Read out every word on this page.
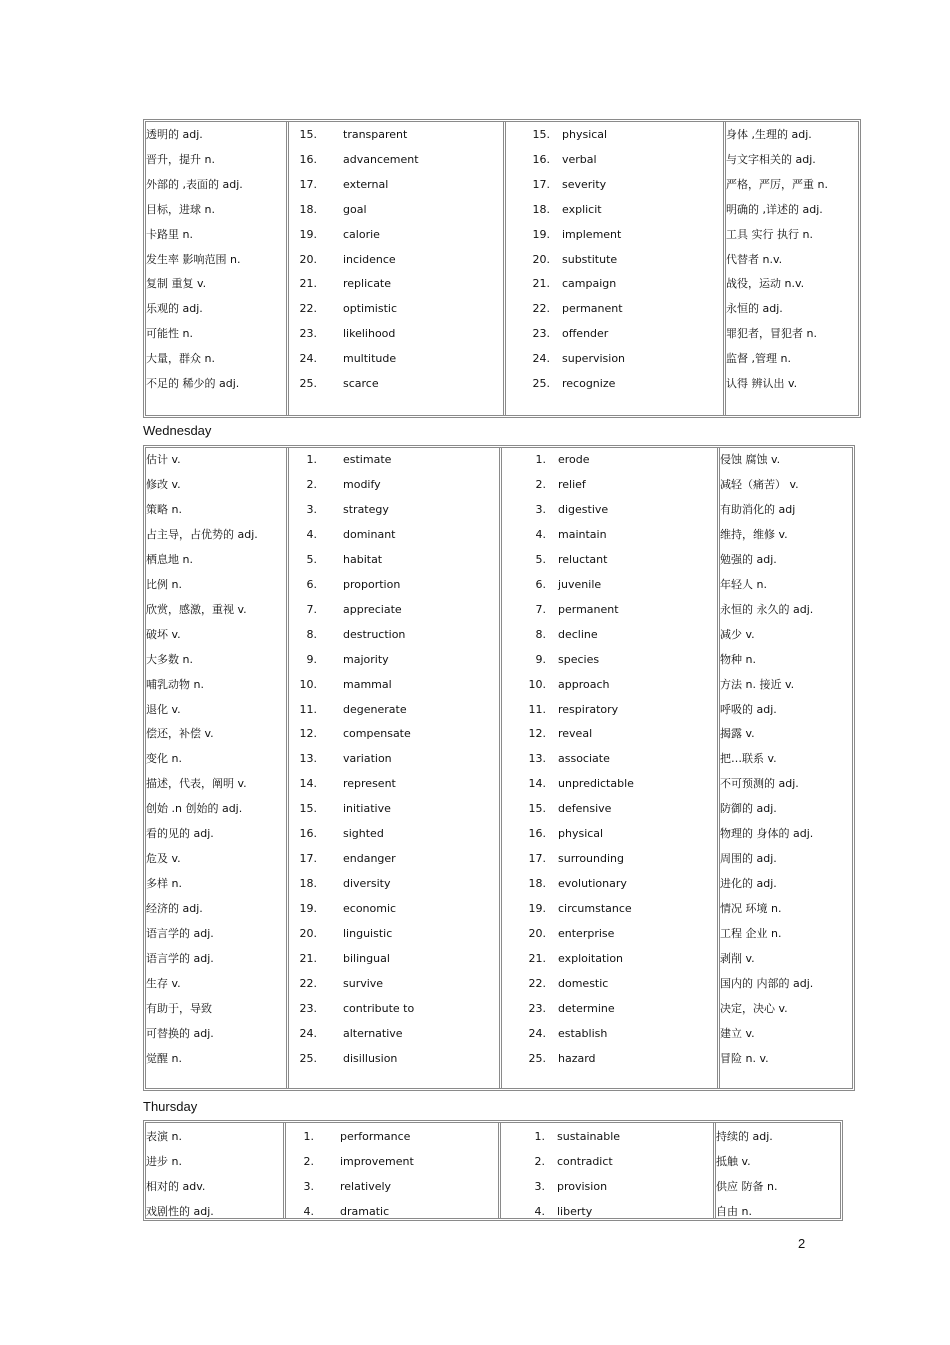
Wednesday
Thursday
透明的 adj.
晋升，提升 n.
外部的 ,表面的 adj.
目标，进球 n.
卡路里 n.
发生率 影响范围 n.
复制 重复 v.
乐观的 adj.
可能性 n.
大量，群众 n.
不足的 稀少的 adj.
15. transparent
16. advancement
17. external
18. goal
19. calorie
20. incidence
21. replicate
22. optimistic
23. likelihood
24. multitude
25. scarce
15. physical
16. verbal
17. severity
18. explicit
19. implement
20. substitute
21. campaign
22. permanent
23. offender
24. supervision
25. recognize
身体 ,生理的 adj.
与文字相关的 adj.
严格，严厉，严重 n.
明确的 ,详述的 adj.
工具 实行 执行 n.
代替者 n.v.
战役，运动 n.v.
永恒的 adj.
罪犯者，冒犯者 n.
监督 ,管理 n.
认得 辨认出 v.
估计 v.
修改 v.
策略 n.
占主导，占优势的 adj.
栖息地 n.
比例 n.
欣赏，感激，重视 v.
破坏 v.
大多数 n.
哺乳动物 n.
退化 v.
偿还，补偿 v.
变化 n.
描述，代表，阐明 v.
创始 .n 创始的 adj.
看的见的 adj.
危及 v.
多样 n.
经济的 adj.
语言学的 adj.
语言学的 adj.
生存 v.
有助于，导致
可替换的 adj.
觉醒 n.
1. estimate
2. modify
3. strategy
4. dominant
5. habitat
6. proportion
7. appreciate
8. destruction
9. majority
10. mammal
11. degenerate
12. compensate
13. variation
14. represent
15. initiative
16. sighted
17. endanger
18. diversity
19. economic
20. linguistic
21. bilingual
22. survive
23. contribute to
24. alternative
25. disillusion
1. erode
2. relief
3. digestive
4. maintain
5. reluctant
6. juvenile
7. permanent
8. decline
9. species
10. approach
11. respiratory
12. reveal
13. associate
14. unpredictable
15. defensive
16. physical
17. surrounding
18. evolutionary
19. circumstance
20. enterprise
21. exploitation
22. domestic
23. determine
24. establish
25. hazard
侵蚀 腐蚀 v.
减轻（痛苦） v.
有助消化的 adj
维持，维修 v.
勉强的 adj.
年轻人 n.
永恒的 永久的 adj.
减少 v.
物种 n.
方法 n. 接近 v.
呼吸的 adj.
揭露 v.
把…联系 v.
不可预测的 adj.
防御的 adj.
物理的 身体的 adj.
周围的 adj.
进化的 adj.
情况 环境 n.
工程 企业 n.
剥削 v.
国内的 内部的 adj.
决定，决心 v.
建立 v.
冒险 n. v.
表演 n.
进步 n.
相对的 adv.
戏剧性的 adj.
1. performance
2. improvement
3. relatively
4. dramatic
1. sustainable
2. contradict
3. provision
4. liberty
持续的 adj.
抵触 v.
供应 防备 n.
自由 n.
2
